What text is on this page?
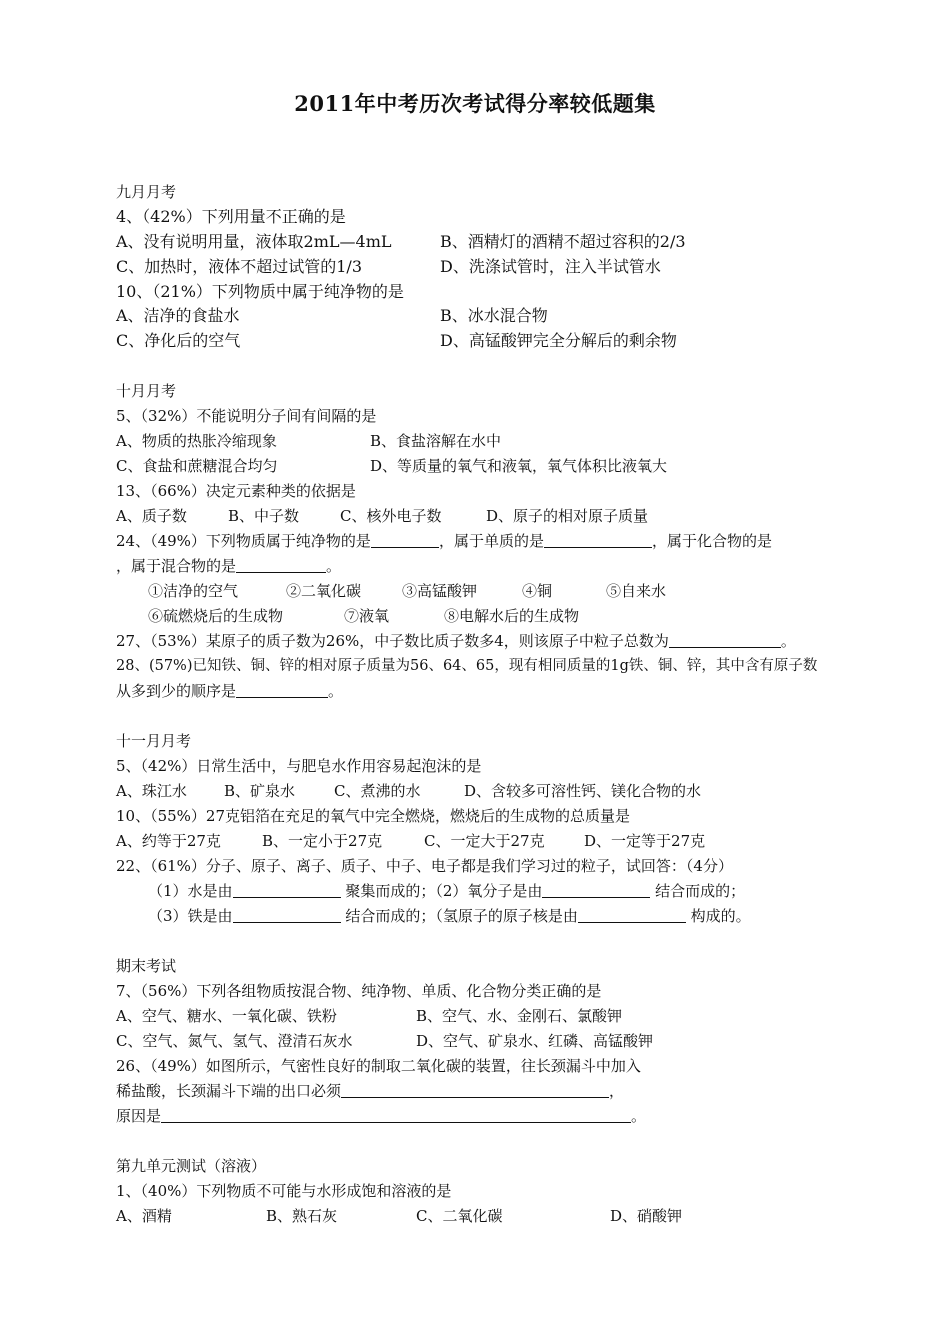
2011年中考历次考试得分率较低题集
九月月考
4、（42%）下列用量不正确的是
A、没有说明用量，液体取2mL—4mL	B、酒精灯的酒精不超过容积的2/3
C、加热时，液体不超过试管的1/3	D、洗涤试管时，注入半试管水
10、（21%）下列物质中属于纯净物的是
A、洁净的食盐水	B、冰水混合物
C、净化后的空气	D、高锰酸钾完全分解后的剩余物
十月月考
5、（32%）不能说明分子间有间隔的是
A、物质的热胀冷缩现象	B、食盐溶解在水中
C、食盐和蔗糖混合均匀	D、等质量的氧气和液氧，氧气体积比液氧大
13、（66%）决定元素种类的依据是
A、质子数	B、中子数	C、核外电子数	D、原子的相对原子质量
24、（49%）下列物质属于纯净物的是	，属于单质的是	，属于化合物的是
，属于混合物的是	。
①洁净的空气	②二氧化碳	③高锰酸钾	④铜	⑤自来水
⑥硫燃烧后的生成物	⑦液氧	⑧电解水后的生成物
27、（53%）某原子的质子数为26%，中子数比质子数多4，则该原子中粒子总数为	。
28、(57%)已知铁、铜、锌的相对原子质量为56、64、65，现有相同质量的1g铁、铜、锌，其中含有原子数
从多到少的顺序是	。
十一月月考
5、（42%）日常生活中，与肥皂水作用容易起泡沫的是
A、珠江水 B、矿泉水	C、煮沸的水	D、含较多可溶性钙、镁化合物的水
10、（55%）27克铝箔在充足的氧气中完全燃烧，燃烧后的生成物的总质量是
A、约等于27克	B、一定小于27克	C、一定大于27克	D、一定等于27克
22、（61%）分子、原子、离子、质子、中子、电子都是我们学习过的粒子，试回答：（4分）
（1）水是由	聚集而成的；（2）氧分子是由	结合而成的；
（3）铁是由	结合而成的；（氢原子的原子核是由	构成的。
期末考试
7、（56%）下列各组物质按混合物、纯净物、单质、化合物分类正确的是
A、空气、糖水、一氧化碳、铁粉	B、空气、水、金刚石、氯酸钾
C、空气、氮气、氢气、澄清石灰水	D、空气、矿泉水、红磷、高锰酸钾
26、（49%）如图所示，气密性良好的制取二氧化碳的装置，往长颈漏斗中加入
稀盐酸，长颈漏斗下端的出口必须	，
原因是	。
第九单元测试（溶液）
1、（40%）下列物质不可能与水形成饱和溶液的是
A、酒精	B、熟石灰	C、二氧化碳	D、硝酸钾
